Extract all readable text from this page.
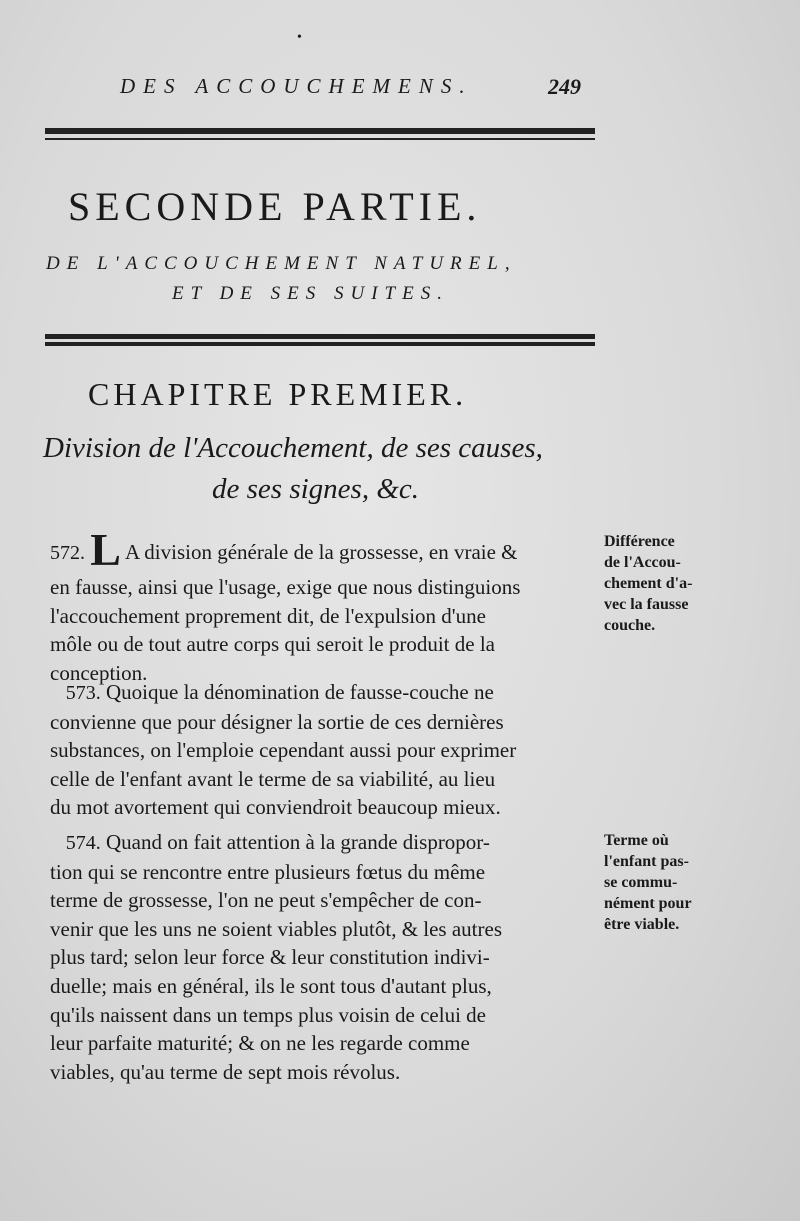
•
DES ACCOUCHEMENS.	249
SECONDE PARTIE.
DE L'ACCOUCHEMENT NATUREL,
ET DE SES SUITES.
CHAPITRE PREMIER.
Division de l'Accouchement, de ses causes,
de ses signes, &c.
572. L A division générale de la grossesse, en vraie &
en fausse, ainsi que l'usage, exige que nous distinguions
l'accouchement proprement dit, de l'expulsion d'une
môle ou de tout autre corps qui seroit le produit de la
conception.
573. Quoique la dénomination de fausse-couche ne
convienne que pour désigner la sortie de ces dernières
substances, on l'emploie cependant aussi pour exprimer
celle de l'enfant avant le terme de sa viabilité, au lieu
du mot avortement qui conviendroit beaucoup mieux.
574. Quand on fait attention à la grande dispropor-
tion qui se rencontre entre plusieurs fœtus du même
terme de grossesse, l'on ne peut s'empêcher de con-
venir que les uns ne soient viables plutôt, & les autres
plus tard; selon leur force & leur constitution indivi-
duelle; mais en général, ils le sont tous d'autant plus,
qu'ils naissent dans un temps plus voisin de celui de
leur parfaite maturité; & on ne les regarde comme
viables, qu'au terme de sept mois révolus.
Différence
de l'Accou-
chement d'a-
vec la fausse
couche.
Terme où
l'enfant pas-
se commu-
nément pour
être viable.
